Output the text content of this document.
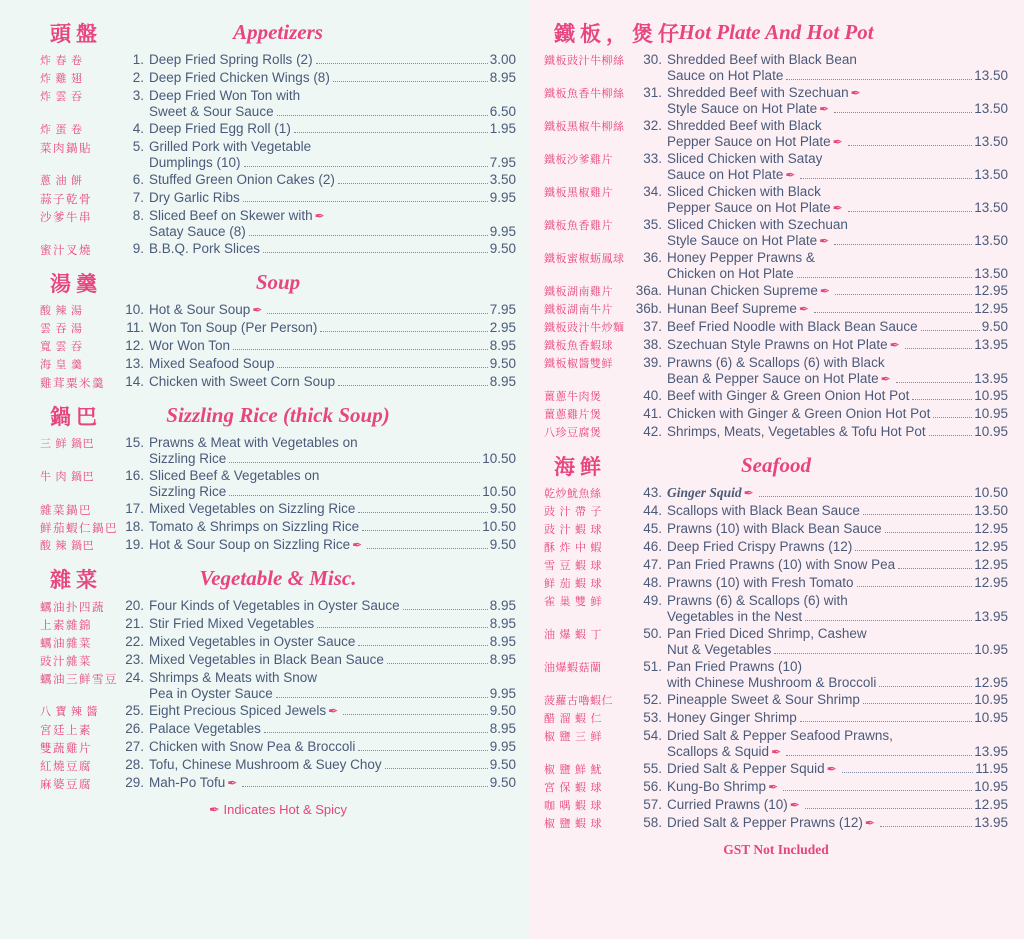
頭盤	Appetizers
炸 春 卷	1. Deep Fried Spring Rolls (2)	3.00
炸 雞 翅	2. Deep Fried Chicken Wings (8)	8.95
炸 雲 吞	3. Deep Fried Won Ton with
Sweet & Sour Sauce	6.50
炸 蛋 卷	4. Deep Fried Egg Roll (1)	1.95
菜肉鍋貼	5. Grilled Pork with Vegetable
Dumplings (10)	7.95
蔥 油 餅	6. Stuffed Green Onion Cakes (2)	3.50
蒜子乾骨	7. Dry Garlic Ribs	9.95
沙爹牛串	8. Sliced Beef on Skewer with ✒
Satay Sauce (8)	9.95
蜜汁叉燒	9. B.B.Q. Pork Slices	9.50
湯羹	Soup
酸 辣 湯	10. Hot & Sour Soup ✒	7.95
雲 吞 湯	11. Won Ton Soup (Per Person)	2.95
寬 雲 吞	12. Wor Won Ton	8.95
海 皇 羹	13. Mixed Seafood Soup	9.50
雞茸粟米羹	14. Chicken with Sweet Corn Soup	8.95
鍋巴	Sizzling Rice (thick Soup)
三 鲜 鍋巴	15. Prawns & Meat with Vegetables on
Sizzling Rice	10.50
牛 肉 鍋巴	16. Sliced Beef & Vegetables on
Sizzling Rice	10.50
雜菜鍋巴	17. Mixed Vegetables on Sizzling Rice	9.50
鲜茄蝦仁鍋巴 18. Tomato & Shrimps on Sizzling Rice	10.50
酸 辣 鍋巴	19. Hot & Sour Soup on Sizzling Rice ✒	9.50
雜菜	Vegetable & Misc.
蠣油扑四蔬	20. Four Kinds of Vegetables in Oyster Sauce	8.95
上素雜錦	21. Stir Fried Mixed Vegetables	8.95
蠣油雜菜	22. Mixed Vegetables in Oyster Sauce	8.95
豉汁雜菜	23. Mixed Vegetables in Black Bean Sauce	8.95
蠣油三鲜雪豆 24. Shrimps & Meats with Snow
Pea in Oyster Sauce	9.95
八 寶 辣 醬	25. Eight Precious Spiced Jewels ✒	9.50
宮廷上素	26. Palace Vegetables	8.95
雙蔬雞片	27. Chicken with Snow Pea & Broccoli	9.95
紅燒豆腐	28. Tofu, Chinese Mushroom & Suey Choy	9.50
麻婆豆腐	29. Mah-Po Tofu ✒	9.50
✒ Indicates Hot & Spicy
鐵板，煲仔
Hot Plate And Hot Pot
鐵板豉汁牛柳絲	30. Shredded Beef with Black Bean
Sauce on Hot Plate	13.50
鐵板魚香牛柳絲	31. Shredded Beef with Szechuan ✒
Style Sauce on Hot Plate ✒	13.50
鐵板黑椒牛柳絲	32. Shredded Beef with Black
Pepper Sauce on Hot Plate ✒	13.50
鐵板沙爹雞片	33. Sliced Chicken with Satay
Sauce on Hot Plate ✒	13.50
鐵板黑椒雞片	34. Sliced Chicken with Black
Pepper Sauce on Hot Plate ✒	13.50
鐵板魚香雞片	35. Sliced Chicken with Szechuan
Style Sauce on Hot Plate ✒	13.50
鐵板蜜椒蛎鳳球	36. Honey Pepper Prawns &
Chicken on Hot Plate	13.50
鐵板湖南雞片	36a. Hunan Chicken Supreme ✒	12.95
鐵板湖南牛片	36b. Hunan Beef Supreme ✒	12.95
鐵板豉汁牛炒麵	37. Beef Fried Noodle with Black Bean Sauce	9.50
鐵板魚香蝦球	38. Szechuan Style Prawns on Hot Plate ✒	13.95
鐵板椒醬雙鲜	39. Prawns (6) & Scallops (6) with Black
Bean & Pepper Sauce on Hot Plate ✒	13.95
薑蔥牛肉煲	40. Beef with Ginger & Green Onion Hot Pot	10.95
薑蔥雞片煲	41. Chicken with Ginger & Green Onion Hot Pot	10.95
八珍豆腐煲	42. Shrimps, Meats, Vegetables & Tofu Hot Pot	10.95
海鲜	Seafood
乾炒魷魚絲	43. Ginger Squid ✒	10.50
豉 汁 帶 子	44. Scallops with Black Bean Sauce	13.50
豉 汁 蝦 球	45. Prawns (10) with Black Bean Sauce	12.95
酥 炸 中 蝦	46. Deep Fried Crispy Prawns (12)	12.95
雪 豆 蝦 球	47. Pan Fried Prawns (10) with Snow Pea	12.95
鲜 茄 蝦 球	48. Prawns (10) with Fresh Tomato	12.95
雀 巢 雙 鲜	49. Prawns (6) & Scallops (6) with
Vegetables in the Nest	13.95
油 爆 蝦 丁	50. Pan Fried Diced Shrimp, Cashew
Nut & Vegetables	10.95
油爆蝦菇蘭	51. Pan Fried Prawns (10)
with Chinese Mushroom & Broccoli	12.95
菠蘿古嚕蝦仁	52. Pineapple Sweet & Sour Shrimp	10.95
醋 溜 蝦 仁	53. Honey Ginger Shrimp	10.95
椒 鹽 三 鲜	54. Dried Salt & Pepper Seafood Prawns,
Scallops & Squid ✒	13.95
椒 鹽 鮮 魷	55. Dried Salt & Pepper Squid ✒	11.95
宮 保 蝦 球	56. Kung-Bo Shrimp ✒	10.95
咖 喁 蝦 球	57. Curried Prawns (10) ✒	12.95
椒 鹽 蝦 球	58. Dried Salt & Pepper Prawns (12) ✒	13.95
GST Not Included
